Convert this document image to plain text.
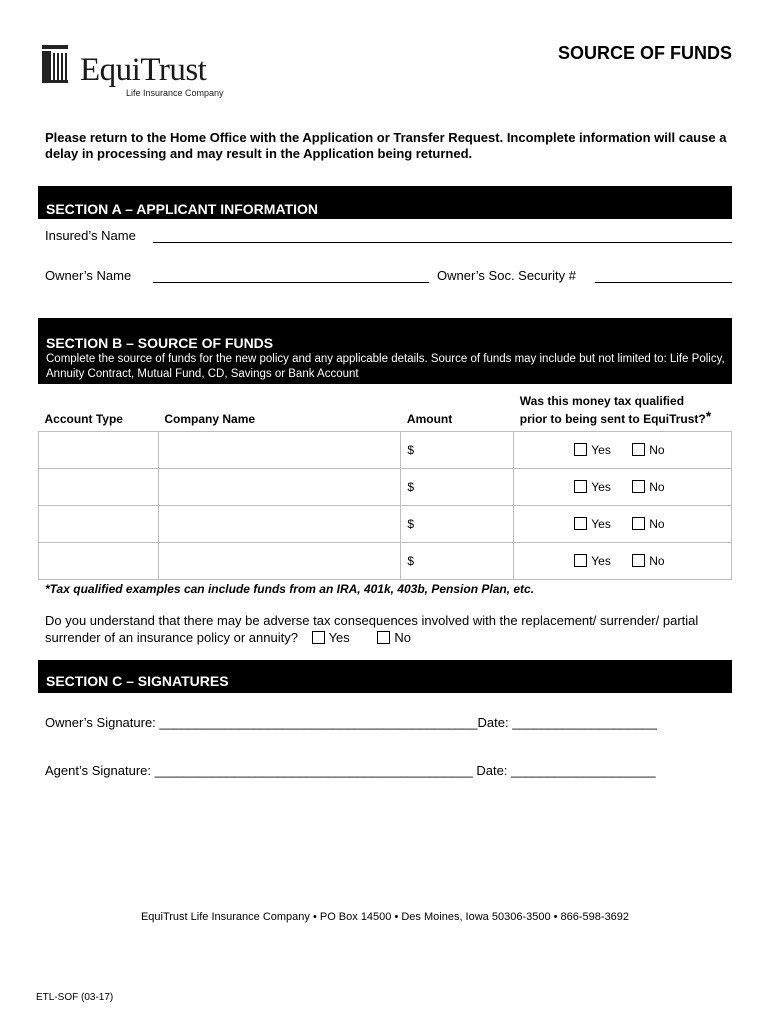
EquiTrust
Life Insurance Company
SOURCE OF FUNDS
Please return to the Home Office with the Application or Transfer Request. Incomplete information will cause a delay in processing and may result in the Application being returned.
SECTION A – APPLICANT INFORMATION
Insured’s Name
Owner’s Name	Owner’s Soc. Security #
SECTION B – SOURCE OF FUNDS
Complete the source of funds for the new policy and any applicable details. Source of funds may include but not limited to: Life Policy, Annuity Contract, Mutual Fund, CD, Savings or Bank Account
Account Type	Company Name	Amount	Was this money tax qualified
prior to being sent to EquiTrust?*

		$	Yes No
		$	Yes No
		$	Yes No
		$	Yes No
*Tax qualified examples can include funds from an IRA, 401k, 403b, Pension Plan, etc.
Do you understand that there may be adverse tax consequences involved with the replacement/ surrender/ partial surrender of an insurance policy or annuity? Yes	No
SECTION C – SIGNATURES
Owner’s Signature: ____________________________________________Date: ____________________
Agent’s Signature: ____________________________________________ Date: ____________________
EquiTrust Life Insurance Company • PO Box 14500 • Des Moines, Iowa 50306-3500 • 866-598-3692
ETL-SOF (03-17)
